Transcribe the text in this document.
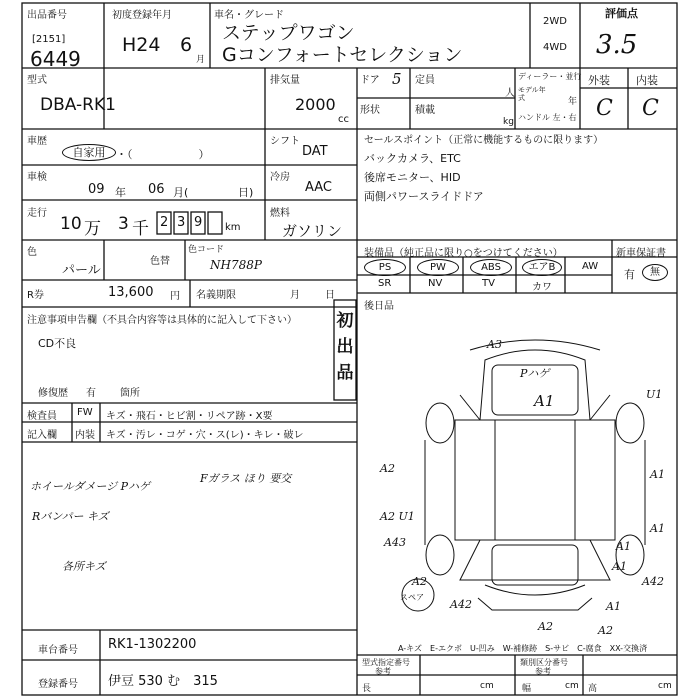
出品番号
[2151]
6449
初度登録年月
H24 6
月
車名・グレード
ステップワゴン
Gコンフォートセレクション
2WD
4WD
評価点
3.5
型式
DBA-RK1
排気量
2000
cc
ドア 5 定員
人
形状	積載
kg
ディーラー・並行
モデル年式	年
ハンドル 左・右
外装 内装
C C
車歴
自家用 ・（　　　　　　）
シフト
DAT
車検
09 年 06 月(	日)
冷房
AAC
走行
10 万 3 千 2 3 9 km
燃料
ガソリン
色
パール
色替
色コード
NH788P
R券	13,600 円 名義期限	月	日
セールスポイント（正常に機能するものに限ります）
バックカメラ、ETC
後席モニター、HID
両側パワースライドドア
装備品（純正品に限り○をつけてください）	新車保証書
PS	PW	ABS	エアB	AW
SR	NV	TV	カワ
有	無
後日品
注意事項申告欄（不具合内容等は具体的に記入して下さい）
CD不良
修復歴 有 箇所
初出品
検査員
記入欄
FW キズ・飛石・ヒビ割・リペア跡・X要
内装 キズ・汚レ・コゲ・穴・ス(レ)・キレ・破レ
ホイールダメージ Pハゲ
Fガラス ほり 要交
Rバンパー キズ
各所キズ
A3
Pハゲ
A1	U1
A2	A1
A2 U1
A1
A43	A1
A2
A1
A42
スペア
A42	A1
A2	A2
A-キズ　E-エクボ　U-凹み　W-補修跡　S-サビ　C-腐食　XX-交換済
車台番号 RK1-1302200
登録番号 伊豆 530 む　315
型式指定番号
参考
類別区分番号
参考
長	cm	幅	cm 高	cm
